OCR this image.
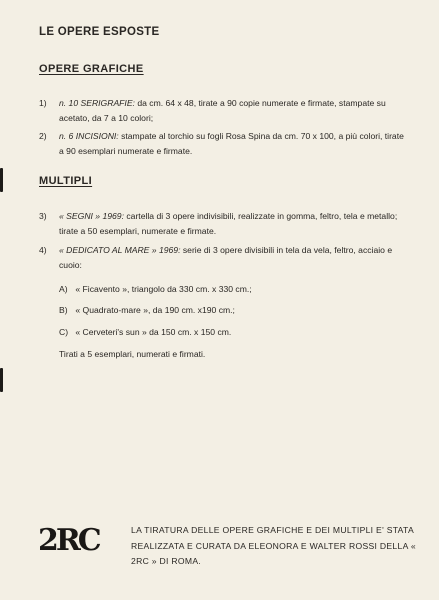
LE OPERE ESPOSTE
OPERE GRAFICHE
1) n. 10 SERIGRAFIE: da cm. 64 x 48, tirate a 90 copie numerate e firmate, stampate su acetato, da 7 a 10 colori;
2) n. 6 INCISIONI: stampate al torchio su fogli Rosa Spina da cm. 70 x 100, a più colori, tirate a 90 esemplari numerate e firmate.
MULTIPLI
3) « SEGNI » 1969: cartella di 3 opere indivisibili, realizzate in gomma, feltro, tela e metallo; tirate a 50 esemplari, numerate e firmate.
4) « DEDICATO AL MARE » 1969: serie di 3 opere divisibili in tela da vela, feltro, acciaio e cuoio:
A) « Ficavento », triangolo da 330 cm. x 330 cm.;
B) « Quadrato-mare », da 190 cm. x190 cm.;
C) « Cerveteri's sun » da 150 cm. x 150 cm.
Tirati a 5 esemplari, numerati e firmati.
2RC	LA TIRATURA DELLE OPERE GRAFICHE E DEI MULTIPLI E' STATA REALIZZATA E CURATA DA ELEONORA E WALTER ROSSI DELLA « 2RC » DI ROMA.
